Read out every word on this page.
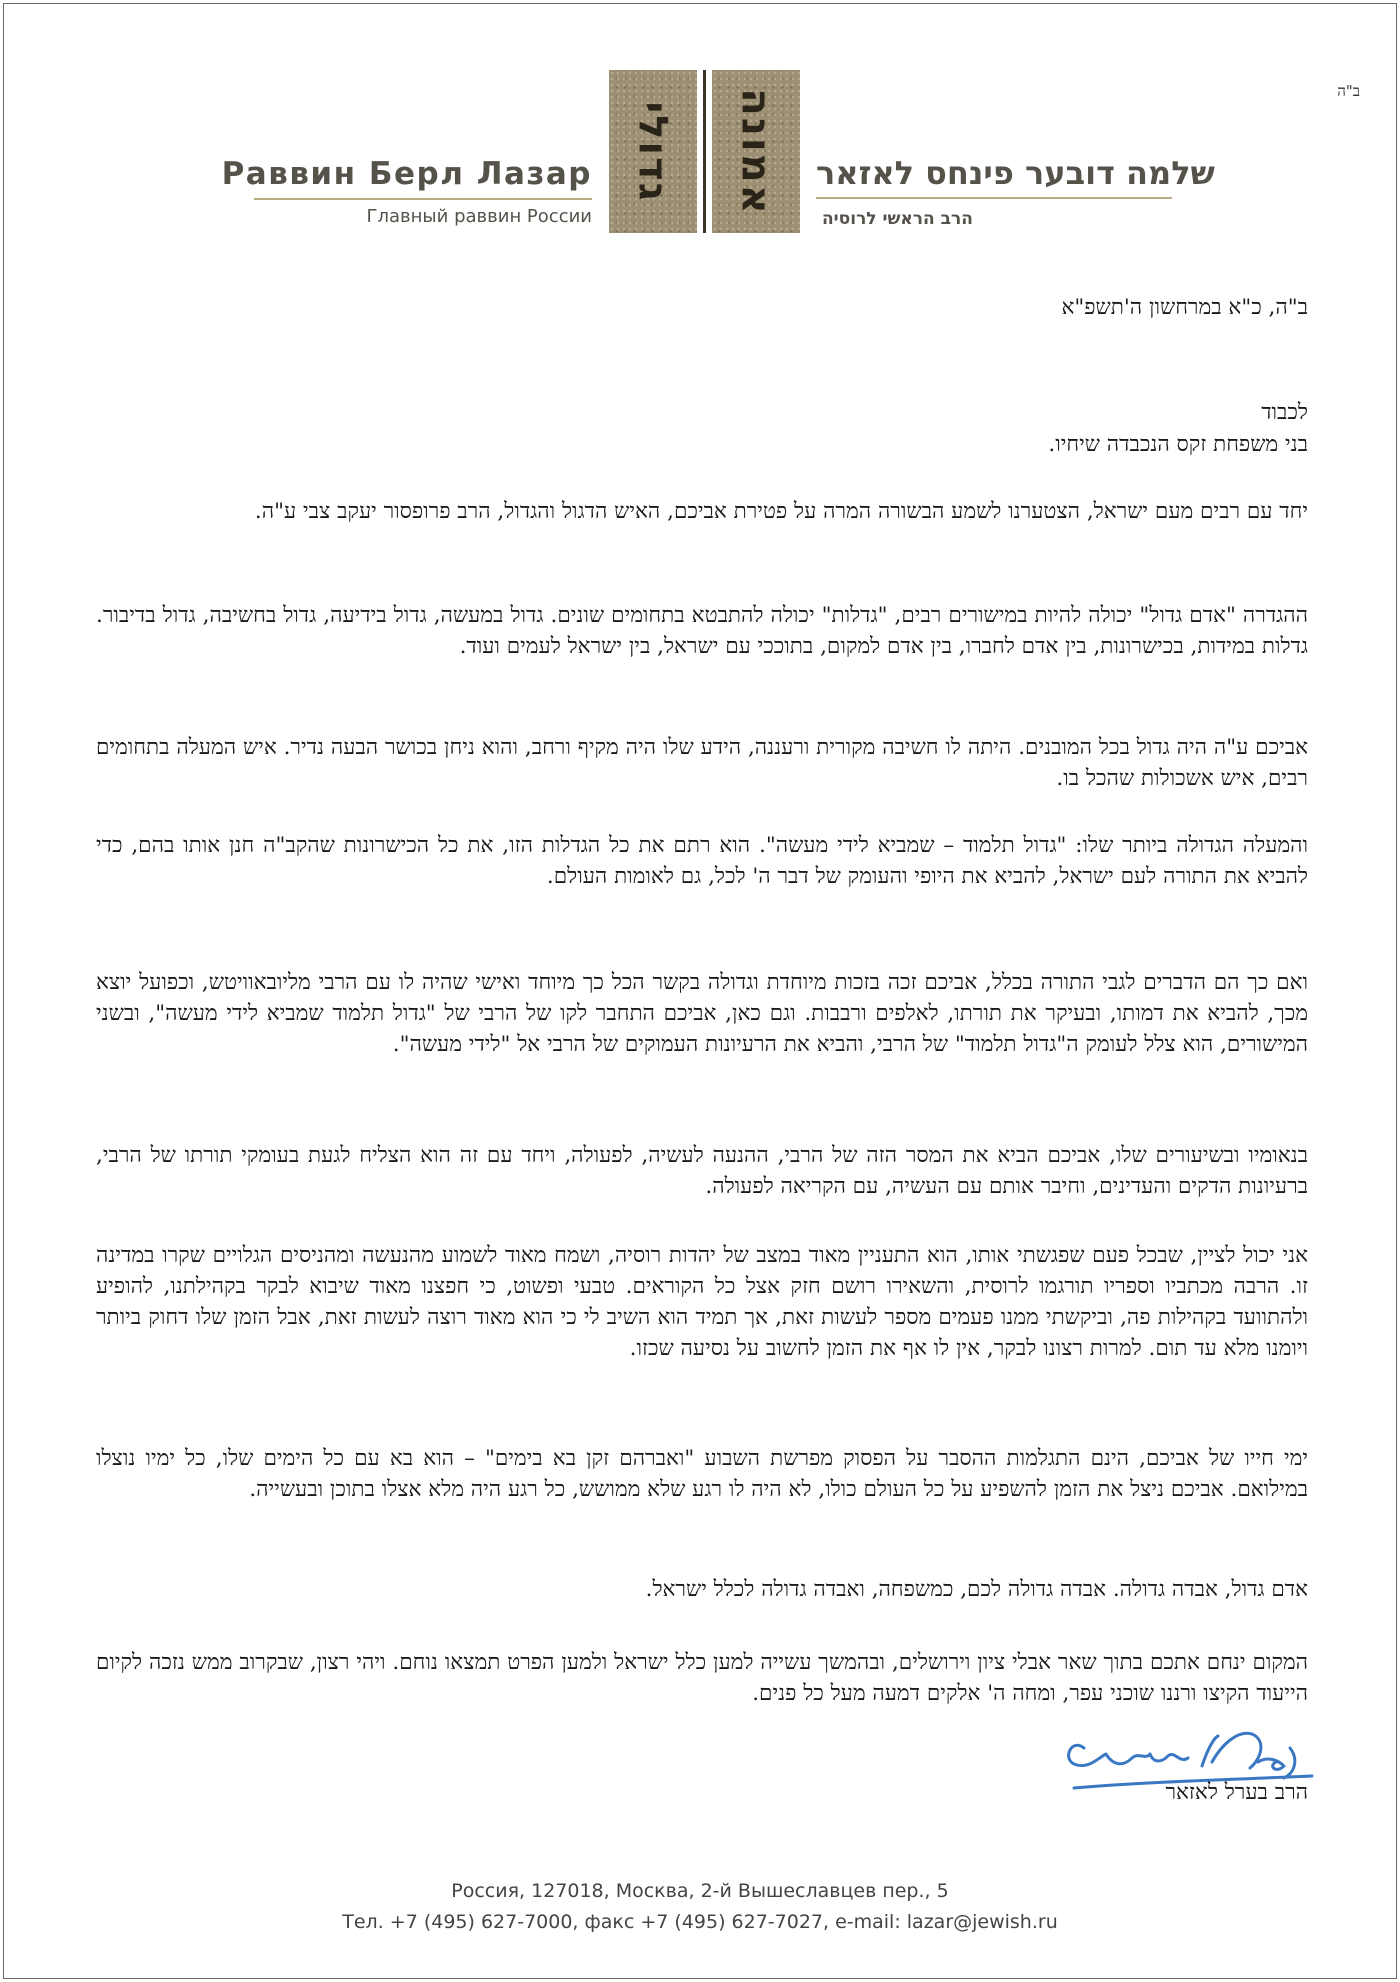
ב"ה
גדולי אמונה
Раввин Берл Лазар
Главный раввин России
שלמה דובער פינחס לאזאר
הרב הראשי לרוסיה
ב"ה, כ"א במרחשון ה'תשפ"א
לכבוד
בני משפחת זקס הנכבדה שיחיו.
יחד עם רבים מעם ישראל, הצטערנו לשמע הבשורה המרה על פטירת אביכם, האיש הדגול והגדול, הרב פרופסור יעקב צבי ע"ה.
ההגדרה "אדם גדול" יכולה להיות במישורים רבים, "גדלות" יכולה להתבטא בתחומים שונים. גדול במעשה, גדול בידיעה, גדול בחשיבה, גדול בדיבור. גדלות במידות, בכישרונות, בין אדם לחברו, בין אדם למקום, בתוככי עם ישראל, בין ישראל לעמים ועוד.
אביכם ע"ה היה גדול בכל המובנים. היתה לו חשיבה מקורית ורעננה, הידע שלו היה מקיף ורחב, והוא ניחן בכושר הבעה נדיר. איש המעלה בתחומים רבים, איש אשכולות שהכל בו.
והמעלה הגדולה ביותר שלו: "גדול תלמוד – שמביא לידי מעשה". הוא רתם את כל הגדלות הזו, את כל הכישרונות שהקב"ה חנן אותו בהם, כדי להביא את התורה לעם ישראל, להביא את היופי והעומק של דבר ה' לכל, גם לאומות העולם.
ואם כך הם הדברים לגבי התורה בכלל, אביכם זכה בזכות מיוחדת וגדולה בקשר הכל כך מיוחד ואישי שהיה לו עם הרבי מליובאוויטש, וכפועל יוצא מכך, להביא את דמותו, ובעיקר את תורתו, לאלפים ורבבות. וגם כאן, אביכם התחבר לקו של הרבי של "גדול תלמוד שמביא לידי מעשה", ובשני המישורים, הוא צלל לעומק ה"גדול תלמוד" של הרבי, והביא את הרעיונות העמוקים של הרבי אל "לידי מעשה".
בנאומיו ובשיעורים שלו, אביכם הביא את המסר הזה של הרבי, ההנעה לעשיה, לפעולה, ויחד עם זה הוא הצליח לגעת בעומקי תורתו של הרבי, ברעיונות הדקים והעדינים, וחיבר אותם עם העשיה, עם הקריאה לפעולה.
אני יכול לציין, שבכל פעם שפגשתי אותו, הוא התעניין מאוד במצב של יהדות רוסיה, ושמח מאוד לשמוע מהנעשה ומהניסים הגלויים שקרו במדינה זו. הרבה מכתביו וספריו תורגמו לרוסית, והשאירו רושם חזק אצל כל הקוראים. טבעי ופשוט, כי חפצנו מאוד שיבוא לבקר בקהילתנו, להופיע ולהתוועד בקהילות פה, וביקשתי ממנו פעמים מספר לעשות זאת, אך תמיד הוא השיב לי כי הוא מאוד רוצה לעשות זאת, אבל הזמן שלו דחוק ביותר ויומנו מלא עד תום. למרות רצונו לבקר, אין לו אף את הזמן לחשוב על נסיעה שכזו.
ימי חייו של אביכם, הינם התגלמות ההסבר על הפסוק מפרשת השבוע "ואברהם זקן בא בימים" – הוא בא עם כל הימים שלו, כל ימיו נוצלו במילואם. אביכם ניצל את הזמן להשפיע על כל העולם כולו, לא היה לו רגע שלא ממושש, כל רגע היה מלא אצלו בתוכן ובעשייה.
אדם גדול, אבדה גדולה. אבדה גדולה לכם, כמשפחה, ואבדה גדולה לכלל ישראל.
המקום ינחם אתכם בתוך שאר אבלי ציון וירושלים, ובהמשך עשייה למען כלל ישראל ולמען הפרט תמצאו נוחם. ויהי רצון, שבקרוב ממש נזכה לקיום הייעוד הקיצו ורננו שוכני עפר, ומחה ה' אלקים דמעה מעל כל פנים.
הרב בערל לאזאר
Россия, 127018, Москва, 2-й Вышеславцев пер., 5
Тел. +7 (495) 627-7000, факс +7 (495) 627-7027, e-mail: lazar@jewish.ru
